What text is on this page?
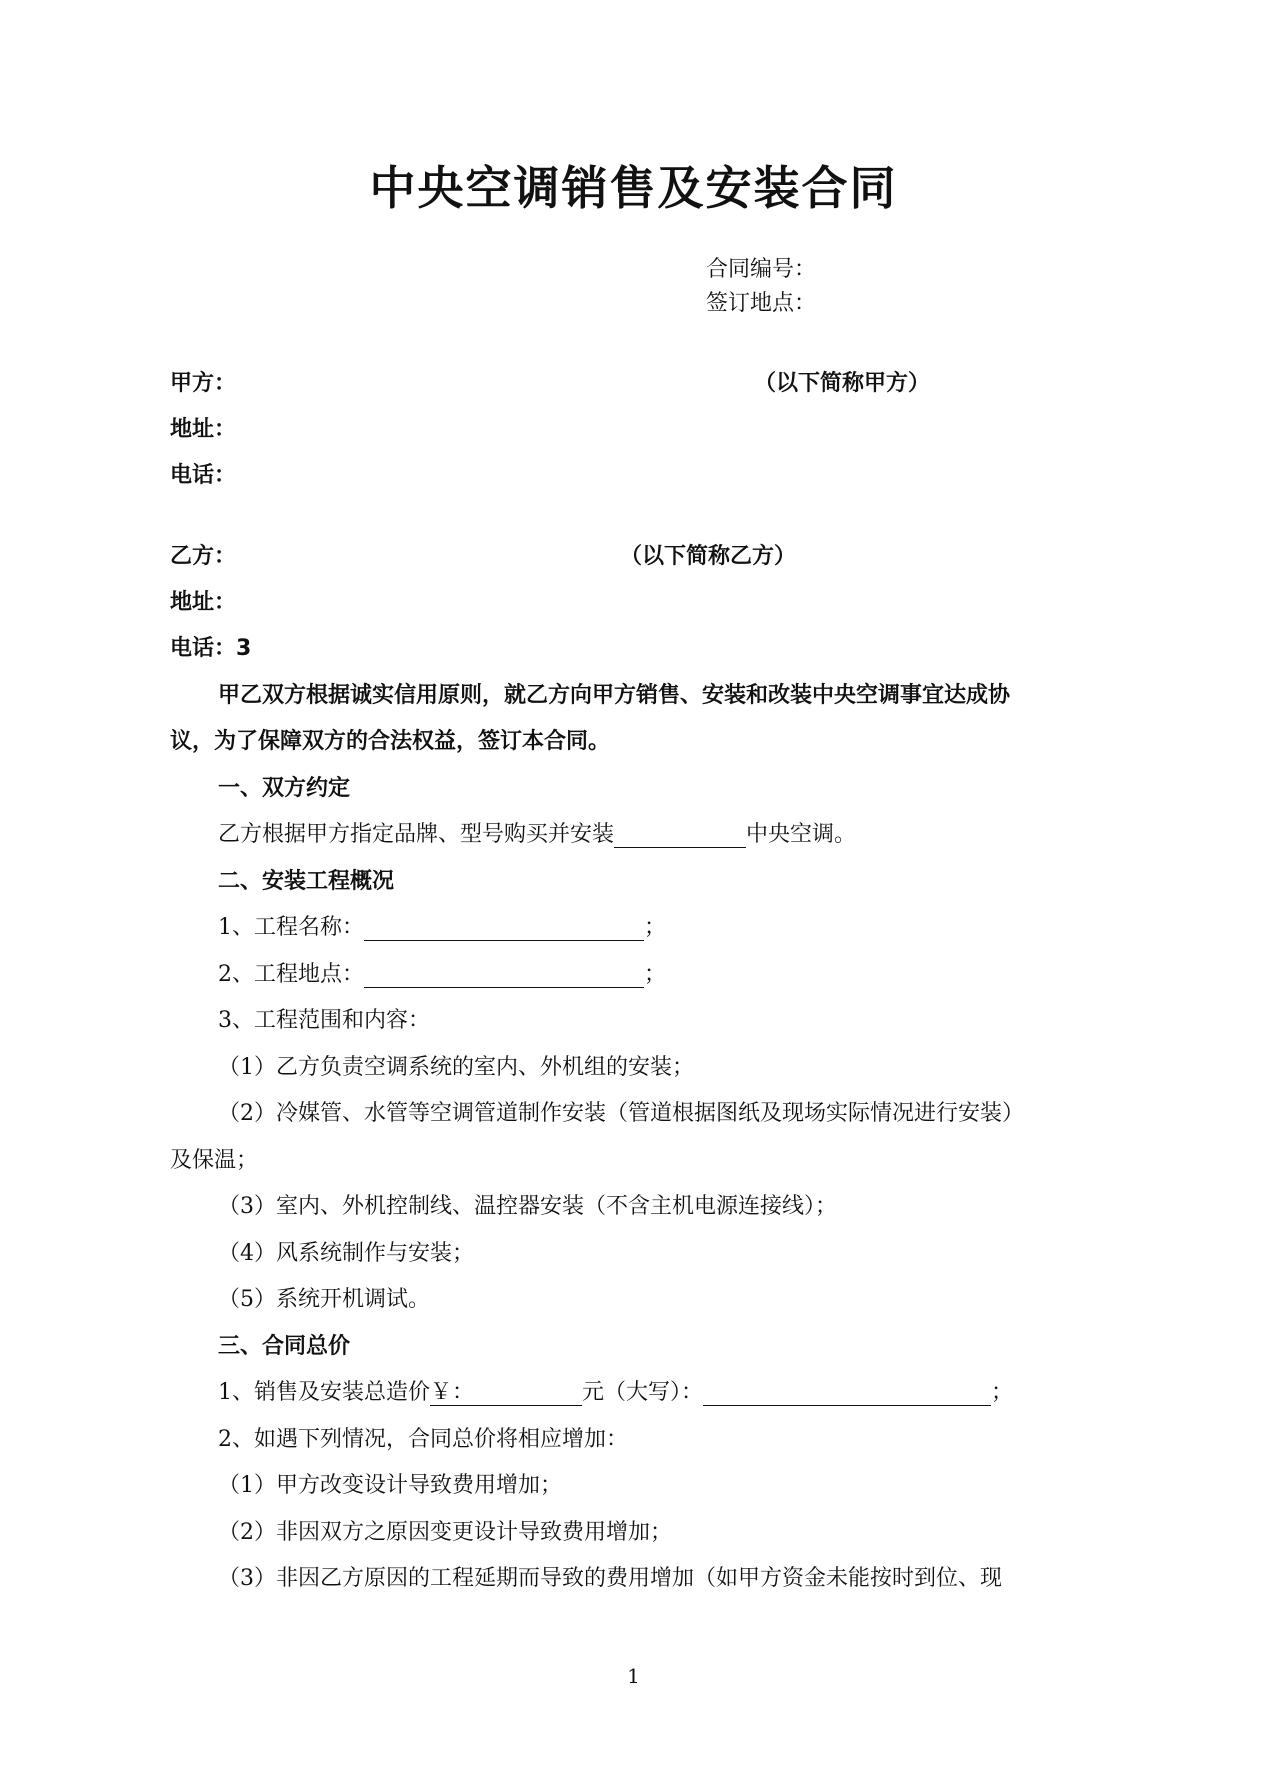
中央空调销售及安装合同
合同编号：
签订地点：
甲方：	（以下简称甲方）
地址：
电话：
乙方：	（以下简称乙方）
地址：
电话：3
甲乙双方根据诚实信用原则，就乙方向甲方销售、安装和改装中央空调事宜达成协
议，为了保障双方的合法权益，签订本合同。
一、双方约定
乙方根据甲方指定品牌、型号购买并安装	中央空调。
二、安装工程概况
1、工程名称：	；
2、工程地点：	；
3、工程范围和内容：
（1）乙方负责空调系统的室内、外机组的安装；
（2）冷媒管、水管等空调管道制作安装（管道根据图纸及现场实际情况进行安装）
及保温；
（3）室内、外机控制线、温控器安装（不含主机电源连接线）；
（4）风系统制作与安装；
（5）系统开机调试。
三、合同总价
1、销售及安装总造价￥：	元（大写）：	；
2、如遇下列情况，合同总价将相应增加：
（1）甲方改变设计导致费用增加；
（2）非因双方之原因变更设计导致费用增加；
（3）非因乙方原因的工程延期而导致的费用增加（如甲方资金未能按时到位、现
1
